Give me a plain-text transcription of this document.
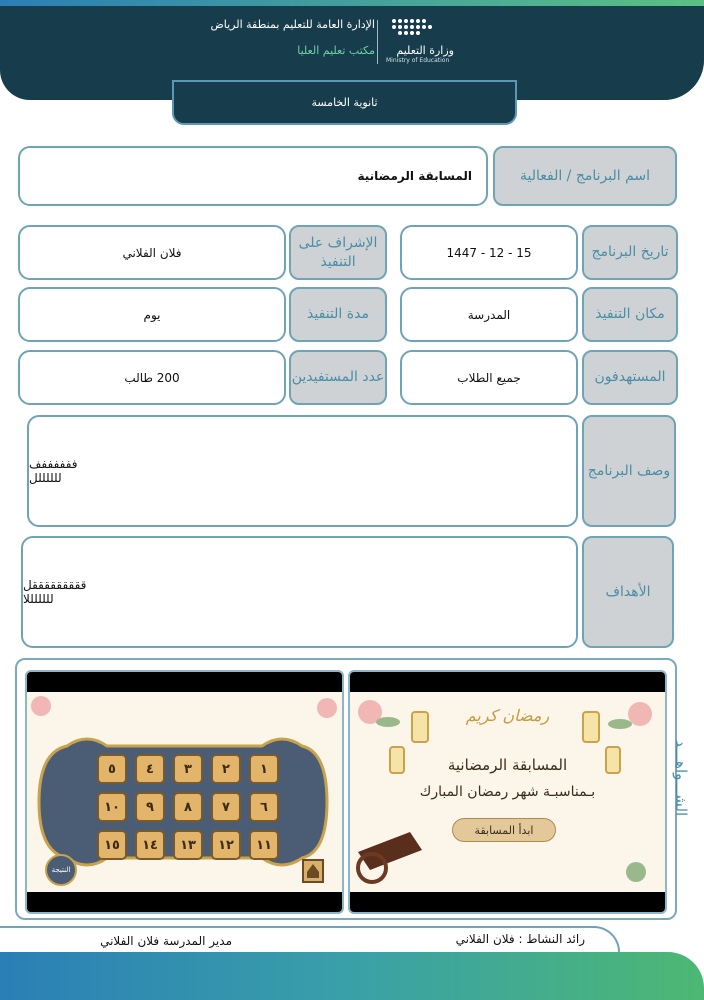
الإدارة العامة للتعليم بمنطقة الرياض
مكتب تعليم العليا	وزارة التعليم
Ministry of Education
ثانوية الخامسة
اسم البرنامج / الفعالية
المسابقة الرمضانية
تاريخ البرنامج
15 - 12 - 1447
الإشراف على التنفيذ
فلان الفلاني
مكان التنفيذ
المدرسة
مدة التنفيذ
يوم
المستهدفون
جميع الطلاب
عدد المستفيدين
200 طالب
وصف البرنامج
ففففففف
للللللل
الأهداف
قققققققققل
لللللللا
الشـــواهـــد
رمضان كريم
المسابقة الرمضانية
بـمناسبـة شهر رمضان المبارك
ابدأ المسابقة
١
٢
٣
٤
٥
٦
٧
٨
٩
١٠
١١
١٢
١٣
١٤
١٥
النتيجة
رائد النشاط : فلان الفلاني
مدير المدرسة فلان الفلاني
